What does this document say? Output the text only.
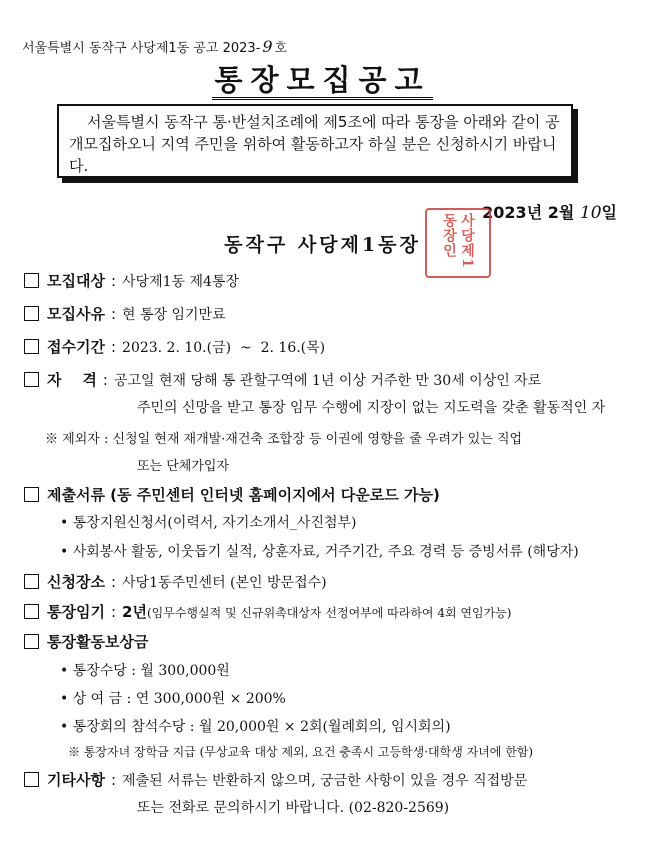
서울특별시 동작구 사당제1동 공고 2023- 9 호
통장모집공고
서울특별시 동작구 통·반설치조례에 제5조에 따라 통장을 아래와 같이 공개모집하오니 지역 주민을 위하여 활동하고자 하실 분은 신청하시기 바랍니다.
2023년 2월 10일
동작구 사당제1동장	사당제1동장인
모집대상 : 사당제1동 제4통장
모집사유 : 현 통장 임기만료
접수기간 : 2023. 2. 10.(금)  ~  2. 16.(목)
자    격 : 공고일 현재 당해 통 관할구역에 1년 이상 거주한 만 30세 이상인 자로
주민의 신망을 받고 통장 임무 수행에 지장이 없는 지도력을 갖춘 활동적인 자
※ 제외자 : 신청일 현재 재개발·재건축 조합장 등 이권에 영향을 줄 우려가 있는 직업
또는 단체가입자
제출서류 (동 주민센터 인터넷 홈페이지에서 다운로드 가능)
• 통장지원신청서(이력서, 자기소개서_사진첨부)
• 사회봉사 활동, 이웃돕기 실적, 상훈자료, 거주기간, 주요 경력 등 증빙서류 (해당자)
신청장소 : 사당1동주민센터 (본인 방문접수)
통장임기 : 2년(임무수행실적 및 신규위촉대상자 선정여부에 따라하여 4회 연임가능)
통장활동보상금
• 통장수당 : 월 300,000원
• 상 여 금 : 연 300,000원 × 200%
• 통장회의 참석수당 : 월 20,000원 × 2회(월례회의, 임시회의)
※ 통장자녀 장학금 지급 (무상교육 대상 제외, 요건 충족시 고등학생·대학생 자녀에 한함)
기타사항 : 제출된 서류는 반환하지 않으며, 궁금한 사항이 있을 경우 직접방문
또는 전화로 문의하시기 바랍니다. (02-820-2569)
